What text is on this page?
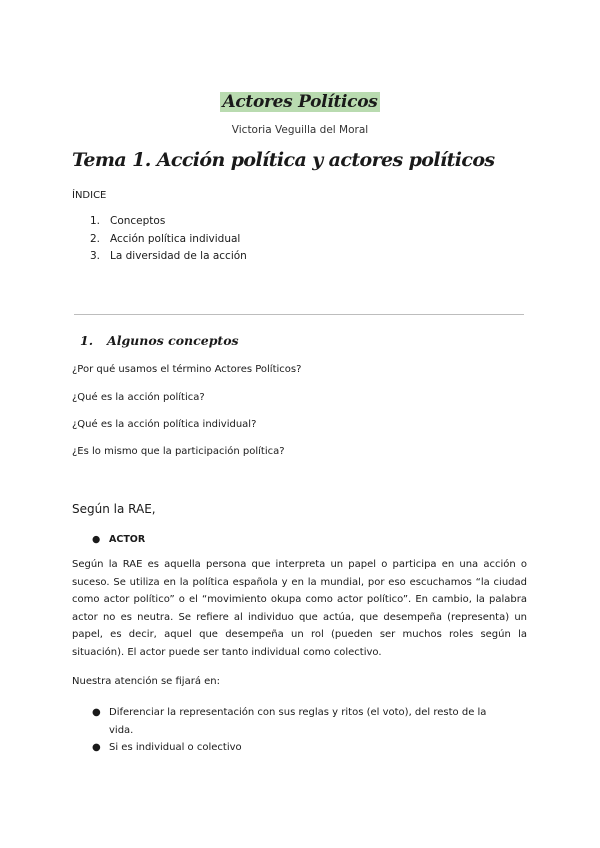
Actores Políticos
Victoria Veguilla del Moral
Tema 1. Acción política y actores políticos
ÍNDICE
1. Conceptos
2. Acción política individual
3. La diversidad de la acción
1. Algunos conceptos
¿Por qué usamos el término Actores Políticos?
¿Qué es la acción política?
¿Qué es la acción política individual?
¿Es lo mismo que la participación política?
Según la RAE,
● ACTOR

Según la RAE es aquella persona que interpreta un papel o participa en una acción o suceso. Se utiliza en la política española y en la mundial, por eso escuchamos “la ciudad como actor político” o el “movimiento okupa como actor político”. En cambio, la palabra actor no es neutra. Se refiere al individuo que actúa, que desempeña (representa) un papel, es decir, aquel que desempeña un rol (pueden ser muchos roles según la situación). El actor puede ser tanto individual como colectivo.

Nuestra atención se fijará en:
● Diferenciar la representación con sus reglas y ritos (el voto), del resto de la vida.
● Si es individual o colectivo
